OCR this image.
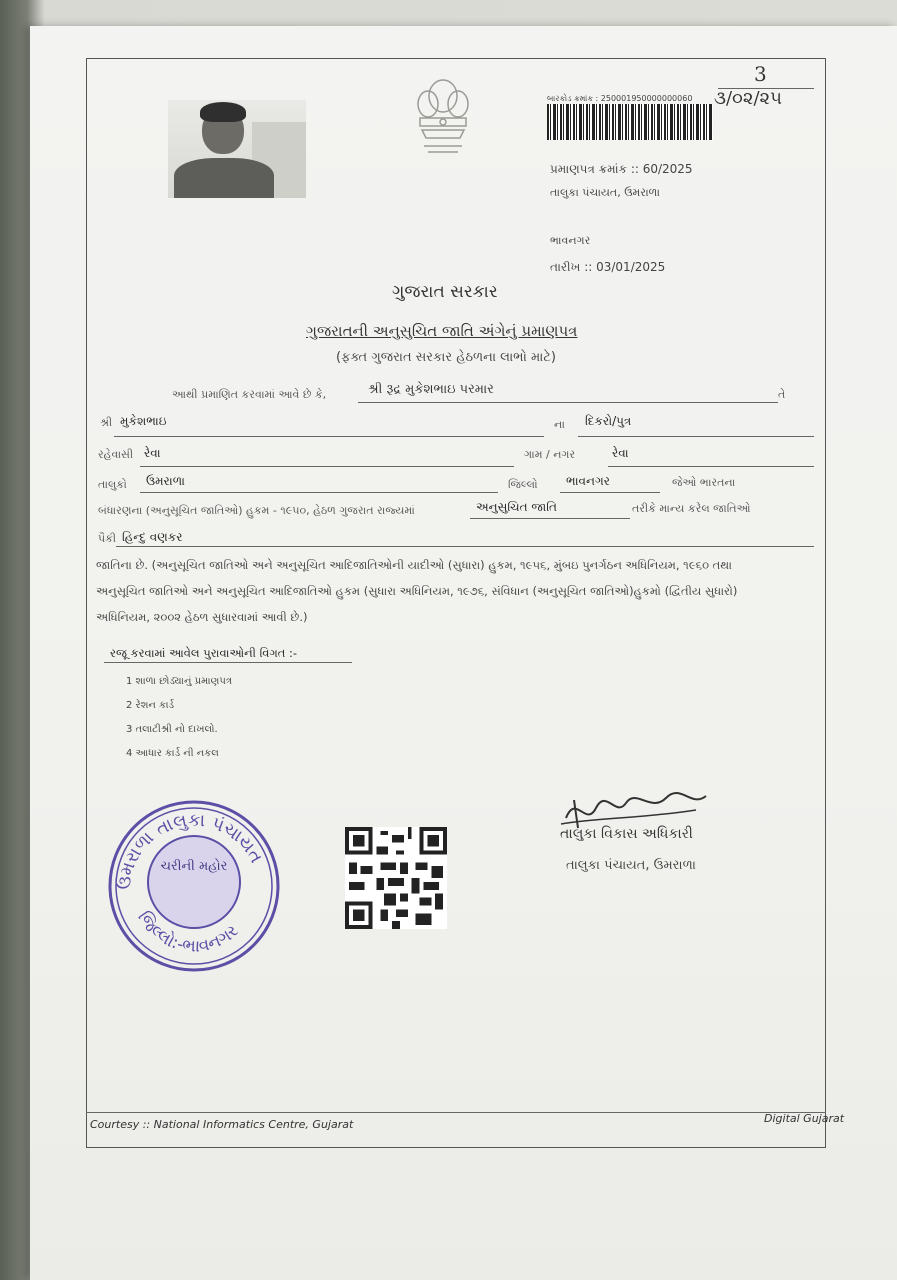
બારકોડ ક્રમાંક : 250001950000000060
3
૩/૦૨/૨૫
પ્રમાણપત્ર ક્રમાંક :: 60/2025
તાલુકા પંચાયત, ઉમરાળા
ભાવનગર
તારીખ :: 03/01/2025
ગુજરાત સરકાર
ગુજરાતની અનુસુચિત જાતિ અંગેનું પ્રમાણપત્ર
(ફક્ત ગુજરાત સરકાર હેઠળના લાભો માટે)
આથી પ્રમાણિત કરવામાં આવે છે કે,	શ્રી રૂદ્ર મુકેશભાઇ પરમાર	તે
શ્રી મુકેશભાઇ	ના દિકરો/પુત્ર
રહેવાસી રેવા	ગામ / નગર	રેવા
તાલુકો ઉમરાળા	જિલ્લો ભાવનગર	જેઓ ભારતના
બંધારણના (અનુસૂચિત જાતિઓ) હુકમ - ૧૯૫૦, હેઠળ ગુજરાત રાજ્યમાં	અનુસુચિત જાતિ	તરીકે માન્ય કરેલ જાતિઓ
પૈકી હિન્દુ વણકર
જાતિના છે. (અનુસૂચિત જાતિઓ અને અનુસૂચિત આદિજાતિઓની યાદીઓ (સુધારા) હુકમ, ૧૯૫૬, મુંબઇ પુનર્ગઠન અધિનિયમ, ૧૯૬૦ તથા
અનુસૂચિત જાતિઓ અને અનુસૂચિત આદિજાતિઓ હુકમ (સુધારા અધિનિયમ, ૧૯૭૬, સંવિધાન (અનુસૂચિત જાતિઓ)હુકમો (દ્વિતીય સુધારો)
અધિનિયમ, ૨૦૦૨ હેઠળ સુધારવામાં આવી છે.)
રજૂ કરવામાં આવેલ પુરાવાઓની વિગત :-
1 શાળા છોડ્યાનું પ્રમાણપત્ર
2 રેશન કાર્ડ
3 તલાટીશ્રી નો દાખલો.
4 આધાર કાર્ડ ની નકલ
ઉમરાળા તાલુકા પંચાયત
જિલ્લો:-ભાવનગર
ચરીની મહોર
તાલુકા વિકાસ અધિકારી
તાલુકા પંચાયત, ઉમરાળા
Courtesy :: National Informatics Centre, Gujarat	Digital Gujarat
